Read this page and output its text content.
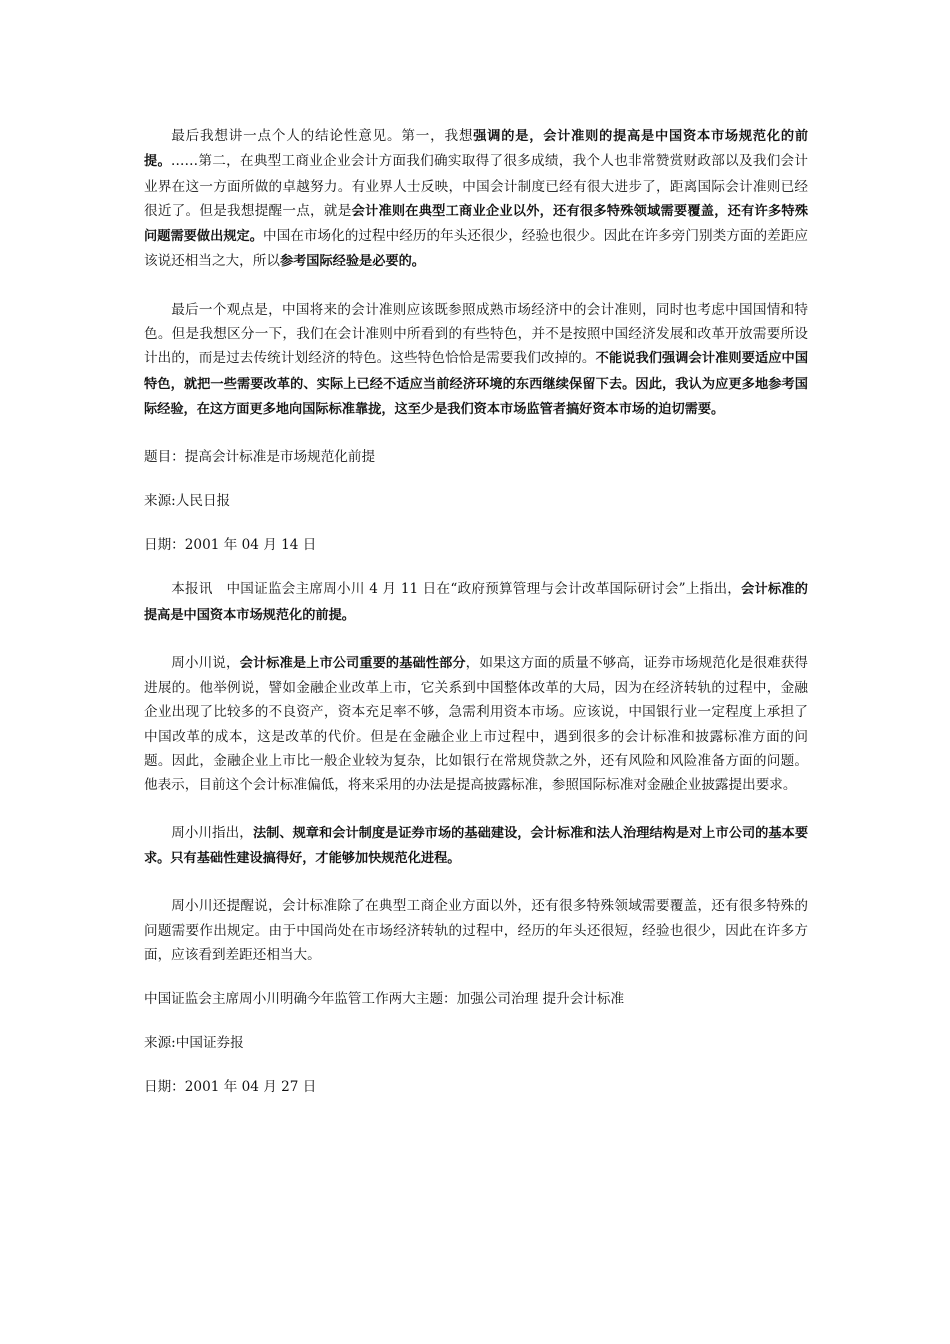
最后我想讲一点个人的结论性意见。第一，我想强调的是，会计准则的提高是中国资本市场规范化的前提。……第二，在典型工商业企业会计方面我们确实取得了很多成绩，我个人也非常赞赏财政部以及我们会计业界在这一方面所做的卓越努力。有业界人士反映，中国会计制度已经有很大进步了，距离国际会计准则已经很近了。但是我想提醒一点，就是会计准则在典型工商业企业以外，还有很多特殊领域需要覆盖，还有许多特殊问题需要做出规定。中国在市场化的过程中经历的年头还很少，经验也很少。因此在许多旁门别类方面的差距应该说还相当之大，所以参考国际经验是必要的。

最后一个观点是，中国将来的会计准则应该既参照成熟市场经济中的会计准则，同时也考虑中国国情和特色。但是我想区分一下，我们在会计准则中所看到的有些特色，并不是按照中国经济发展和改革开放需要所设计出的，而是过去传统计划经济的特色。这些特色恰恰是需要我们改掉的。不能说我们强调会计准则要适应中国特色，就把一些需要改革的、实际上已经不适应当前经济环境的东西继续保留下去。因此，我认为应更多地参考国际经验，在这方面更多地向国际标准靠拢，这至少是我们资本市场监管者搞好资本市场的迫切需要。

题目：提高会计标准是市场规范化前提

来源:人民日报

日期：2001 年 04 月 14 日

本报讯　中国证监会主席周小川 4 月 11 日在“政府预算管理与会计改革国际研讨会”上指出，会计标准的提高是中国资本市场规范化的前提。

周小川说，会计标准是上市公司重要的基础性部分，如果这方面的质量不够高，证券市场规范化是很难获得进展的。他举例说，譬如金融企业改革上市，它关系到中国整体改革的大局，因为在经济转轨的过程中，金融企业出现了比较多的不良资产，资本充足率不够，急需利用资本市场。应该说，中国银行业一定程度上承担了中国改革的成本，这是改革的代价。但是在金融企业上市过程中，遇到很多的会计标准和披露标准方面的问题。因此，金融企业上市比一般企业较为复杂，比如银行在常规贷款之外，还有风险和风险准备方面的问题。他表示，目前这个会计标准偏低，将来采用的办法是提高披露标准，参照国际标准对金融企业披露提出要求。

周小川指出，法制、规章和会计制度是证券市场的基础建设，会计标准和法人治理结构是对上市公司的基本要求。只有基础性建设搞得好，才能够加快规范化进程。

周小川还提醒说，会计标准除了在典型工商企业方面以外，还有很多特殊领域需要覆盖，还有很多特殊的问题需要作出规定。由于中国尚处在市场经济转轨的过程中，经历的年头还很短，经验也很少，因此在许多方面，应该看到差距还相当大。

中国证监会主席周小川明确今年监管工作两大主题：加强公司治理 提升会计标准

来源:中国证券报

日期：2001 年 04 月 27 日
